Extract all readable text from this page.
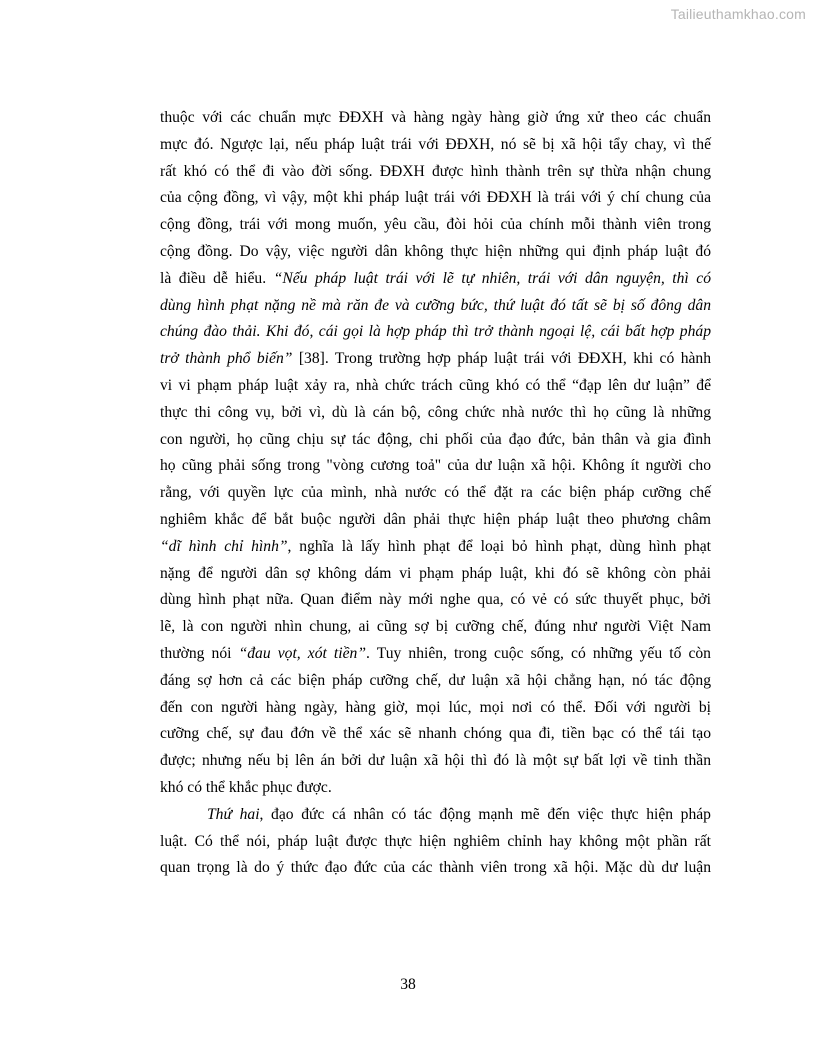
Tailieuthamkhao.com
thuộc với các chuẩn mực ĐĐXH và hàng ngày hàng giờ ứng xử theo các chuẩn
mực đó. Ngược lại, nếu pháp luật trái với ĐĐXH, nó sẽ bị xã hội tẩy chay, vì thế
rất khó có thể đi vào đời sống. ĐĐXH được hình thành trên sự thừa nhận chung
của cộng đồng, vì vậy, một khi pháp luật trái với ĐĐXH là trái với ý chí chung của
cộng đồng, trái với mong muốn, yêu cầu, đòi hỏi của chính mỗi thành viên trong
cộng đồng. Do vậy, việc người dân không thực hiện những qui định pháp luật đó
là điều dễ hiểu. “Nếu pháp luật trái với lẽ tự nhiên, trái với dân nguyện, thì có
dùng hình phạt nặng nề mà răn đe và cưỡng bức, thứ luật đó tất sẽ bị số đông dân
chúng đào thải. Khi đó, cái gọi là hợp pháp thì trở thành ngoại lệ, cái bất hợp pháp
trở thành phổ biến” [38]. Trong trường hợp pháp luật trái với ĐĐXH, khi có hành
vi vi phạm pháp luật xảy ra, nhà chức trách cũng khó có thể “đạp lên dư luận” để
thực thi công vụ, bởi vì, dù là cán bộ, công chức nhà nước thì họ cũng là những
con người, họ cũng chịu sự tác động, chi phối của đạo đức, bản thân và gia đình
họ cũng phải sống trong "vòng cương toả" của dư luận xã hội. Không ít người cho
rằng, với quyền lực của mình, nhà nước có thể đặt ra các biện pháp cưỡng chế
nghiêm khắc để bắt buộc người dân phải thực hiện pháp luật theo phương châm
“dĩ hình chỉ hình”, nghĩa là lấy hình phạt để loại bỏ hình phạt, dùng hình phạt
nặng để người dân sợ không dám vi phạm pháp luật, khi đó sẽ không còn phải
dùng hình phạt nữa. Quan điểm này mới nghe qua, có vẻ có sức thuyết phục, bởi
lẽ, là con người nhìn chung, ai cũng sợ bị cưỡng chế, đúng như người Việt Nam
thường nói “đau vọt, xót tiền”. Tuy nhiên, trong cuộc sống, có những yếu tố còn
đáng sợ hơn cả các biện pháp cưỡng chế, dư luận xã hội chẳng hạn, nó tác động
đến con người hàng ngày, hàng giờ, mọi lúc, mọi nơi có thể. Đối với người bị
cưỡng chế, sự đau đớn về thể xác sẽ nhanh chóng qua đi, tiền bạc có thể tái tạo
được; nhưng nếu bị lên án bởi dư luận xã hội thì đó là một sự bất lợi về tinh thần
khó có thể khắc phục được.
Thứ hai, đạo đức cá nhân có tác động mạnh mẽ đến việc thực hiện pháp
luật. Có thể nói, pháp luật được thực hiện nghiêm chỉnh hay không một phần rất
quan trọng là do ý thức đạo đức của các thành viên trong xã hội. Mặc dù dư luận
38
